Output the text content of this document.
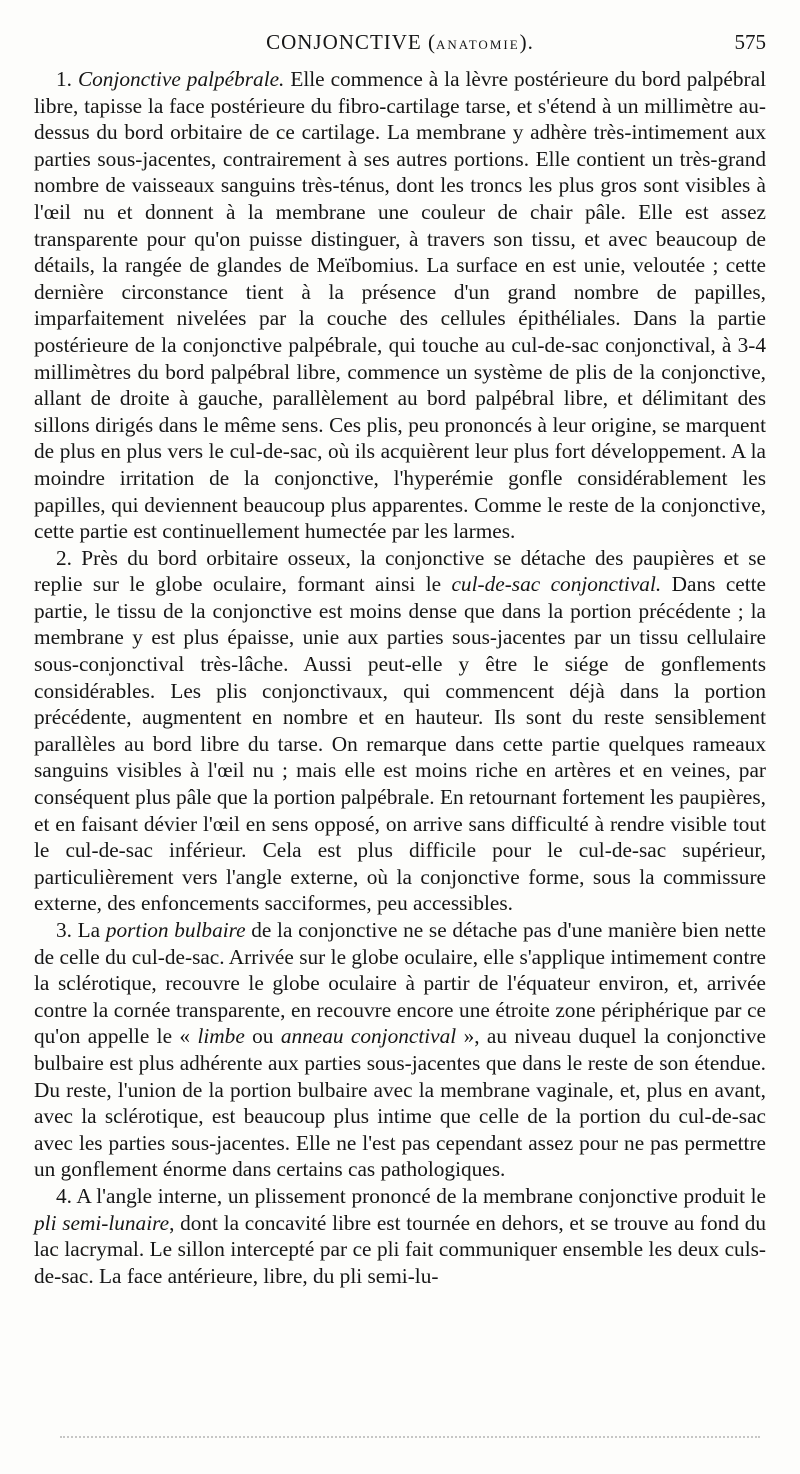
CONJONCTIVE (ANATOMIE).	575

1. Conjonctive palpébrale. Elle commence à la lèvre postérieure du bord palpébral libre, tapisse la face postérieure du fibro-cartilage tarse, et s'étend à un millimètre au-dessus du bord orbitaire de ce cartilage. La membrane y adhère très-intimement aux parties sous-jacentes, contrairement à ses autres portions. Elle contient un très-grand nombre de vaisseaux sanguins très-ténus, dont les troncs les plus gros sont visibles à l'œil nu et donnent à la membrane une couleur de chair pâle. Elle est assez transparente pour qu'on puisse distinguer, à travers son tissu, et avec beaucoup de détails, la rangée de glandes de Meïbomius. La surface en est unie, veloutée ; cette dernière circonstance tient à la présence d'un grand nombre de papilles, imparfaitement nivelées par la couche des cellules épithéliales. Dans la partie postérieure de la conjonctive palpébrale, qui touche au cul-de-sac conjonctival, à 3-4 millimètres du bord palpébral libre, commence un système de plis de la conjonctive, allant de droite à gauche, parallèlement au bord palpébral libre, et délimitant des sillons dirigés dans le même sens. Ces plis, peu prononcés à leur origine, se marquent de plus en plus vers le cul-de-sac, où ils acquièrent leur plus fort développement. A la moindre irritation de la conjonctive, l'hyperémie gonfle considérablement les papilles, qui deviennent beaucoup plus apparentes. Comme le reste de la conjonctive, cette partie est continuellement humectée par les larmes.

2. Près du bord orbitaire osseux, la conjonctive se détache des paupières et se replie sur le globe oculaire, formant ainsi le cul-de-sac conjonctival. Dans cette partie, le tissu de la conjonctive est moins dense que dans la portion précédente ; la membrane y est plus épaisse, unie aux parties sous-jacentes par un tissu cellulaire sous-conjonctival très-lâche. Aussi peut-elle y être le siége de gonflements considérables. Les plis conjonctivaux, qui commencent déjà dans la portion précédente, augmentent en nombre et en hauteur. Ils sont du reste sensiblement parallèles au bord libre du tarse. On remarque dans cette partie quelques rameaux sanguins visibles à l'œil nu ; mais elle est moins riche en artères et en veines, par conséquent plus pâle que la portion palpébrale. En retournant fortement les paupières, et en faisant dévier l'œil en sens opposé, on arrive sans difficulté à rendre visible tout le cul-de-sac inférieur. Cela est plus difficile pour le cul-de-sac supérieur, particulièrement vers l'angle externe, où la conjonctive forme, sous la commissure externe, des enfoncements sacciformes, peu accessibles.

3. La portion bulbaire de la conjonctive ne se détache pas d'une manière bien nette de celle du cul-de-sac. Arrivée sur le globe oculaire, elle s'applique intimement contre la sclérotique, recouvre le globe oculaire à partir de l'équateur environ, et, arrivée contre la cornée transparente, en recouvre encore une étroite zone périphérique par ce qu'on appelle le « limbe ou anneau conjonctival », au niveau duquel la conjonctive bulbaire est plus adhérente aux parties sous-jacentes que dans le reste de son étendue. Du reste, l'union de la portion bulbaire avec la membrane vaginale, et, plus en avant, avec la sclérotique, est beaucoup plus intime que celle de la portion du cul-de-sac avec les parties sous-jacentes. Elle ne l'est pas cependant assez pour ne pas permettre un gonflement énorme dans certains cas pathologiques.

4. A l'angle interne, un plissement prononcé de la membrane conjonctive produit le pli semi-lunaire, dont la concavité libre est tournée en dehors, et se trouve au fond du lac lacrymal. Le sillon intercepté par ce pli fait communiquer ensemble les deux culs-de-sac. La face antérieure, libre, du pli semi-lu-
